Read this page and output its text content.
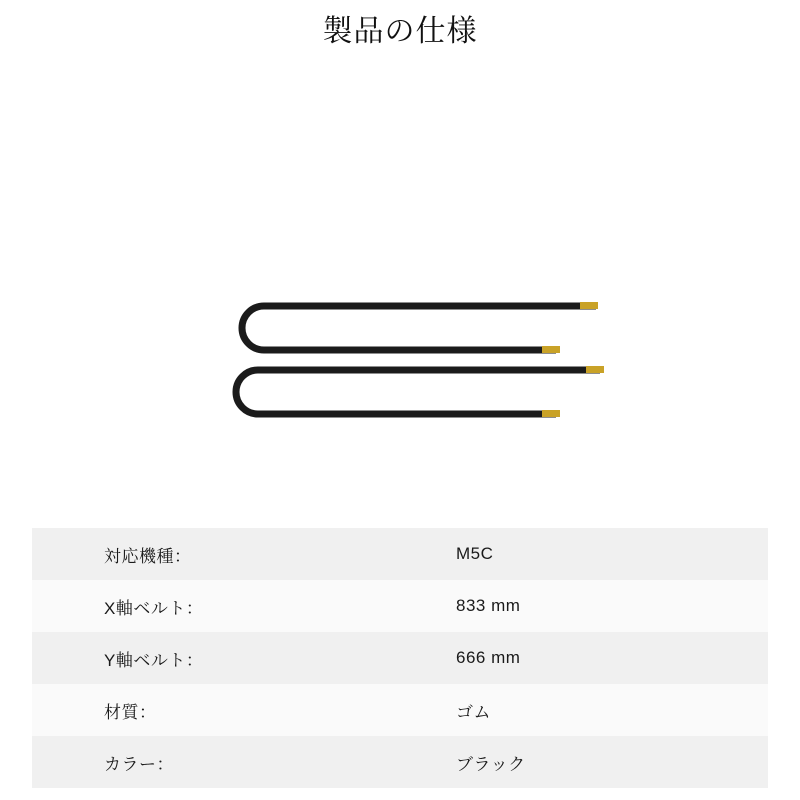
製品の仕様
対応機種：	M5C
X軸ベルト：	833 mm
Y軸ベルト：	666 mm
材質：	ゴム
カラー：	ブラック
